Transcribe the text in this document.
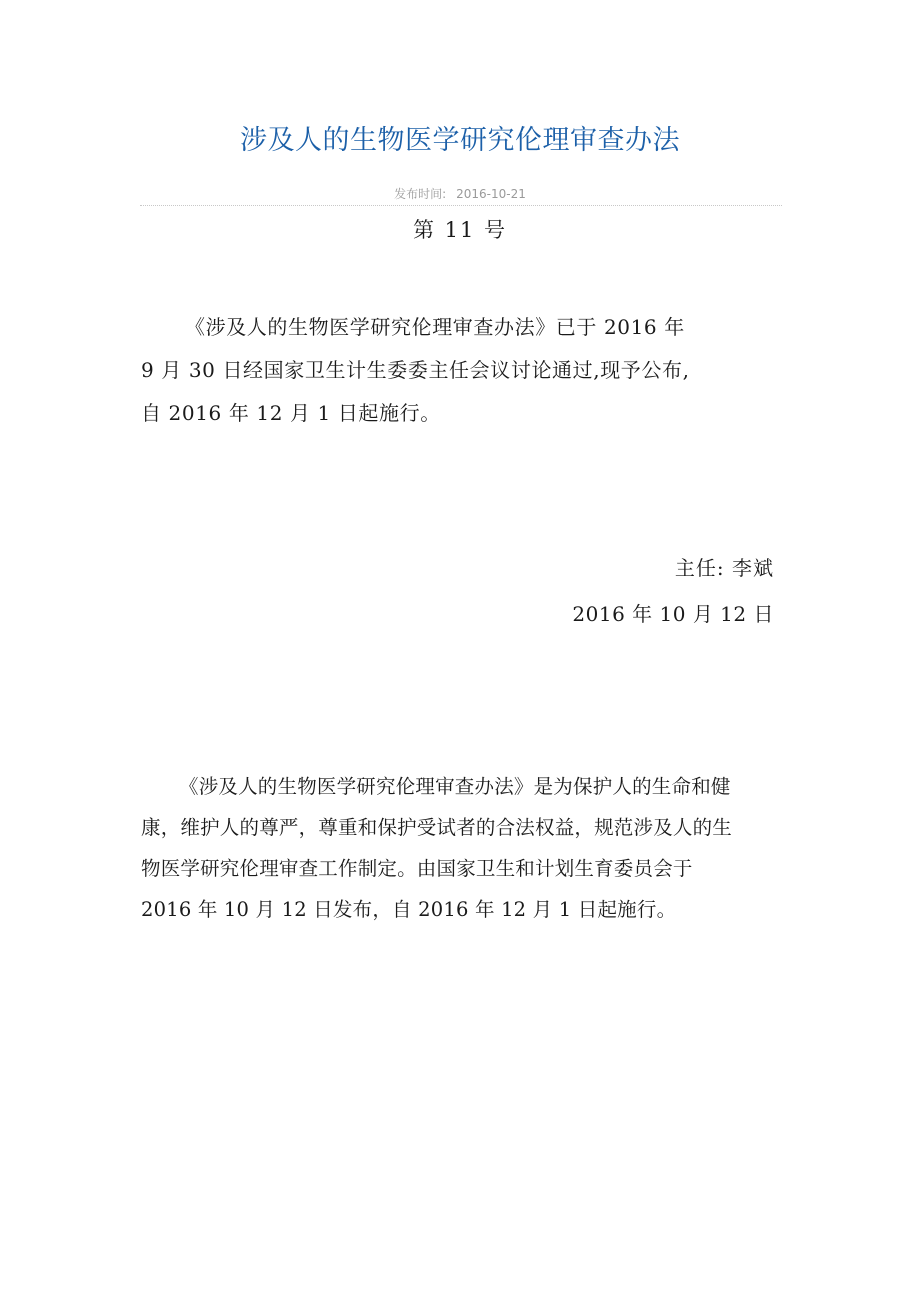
涉及人的生物医学研究伦理审查办法
发布时间: 2016-10-21
第 11 号
《涉及人的生物医学研究伦理审查办法》已于 2016 年
9 月 30 日经国家卫生计生委委主任会议讨论通过,现予公布,
自 2016 年 12 月 1 日起施行。
主任: 李斌
2016 年 10 月 12 日
《涉及人的生物医学研究伦理审查办法》是为保护人的生命和健
康，维护人的尊严，尊重和保护受试者的合法权益，规范涉及人的生
物医学研究伦理审查工作制定。由国家卫生和计划生育委员会于
2016 年 10 月 12 日发布，自 2016 年 12 月 1 日起施行。
